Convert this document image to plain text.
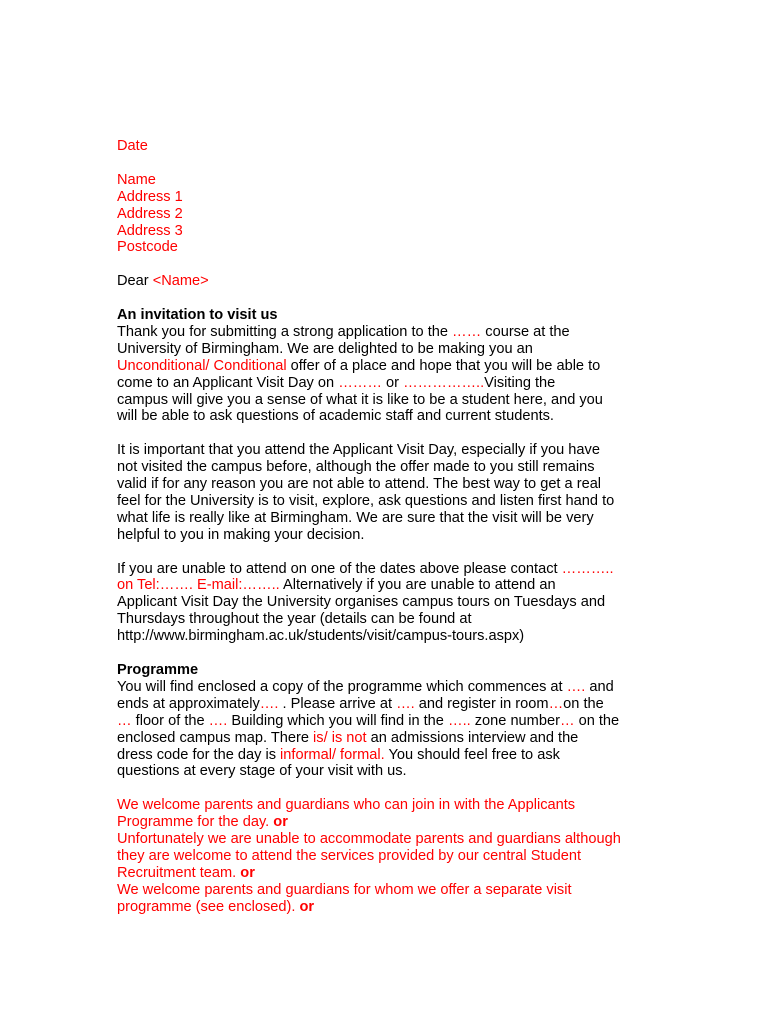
Date
Name
Address 1
Address 2
Address 3
Postcode
Dear <Name>
An invitation to visit us
Thank you for submitting a strong application to the …… course at the
University of Birmingham. We are delighted to be making you an
Unconditional/ Conditional offer of a place and hope that you will be able to
come to an Applicant Visit Day on ……… or ……………..Visiting the
campus will give you a sense of what it is like to be a student here, and you
will be able to ask questions of academic staff and current students.
It is important that you attend the Applicant Visit Day, especially if you have
not visited the campus before, although the offer made to you still remains
valid if for any reason you are not able to attend. The best way to get a real
feel for the University is to visit, explore, ask questions and listen first hand to
what life is really like at Birmingham. We are sure that the visit will be very
helpful to you in making your decision.
If you are unable to attend on one of the dates above please contact ………..
on Tel:……. E-mail:…….. Alternatively if you are unable to attend an
Applicant Visit Day the University organises campus tours on Tuesdays and
Thursdays throughout the year (details can be found at
http://www.birmingham.ac.uk/students/visit/campus-tours.aspx)
Programme
You will find enclosed a copy of the programme which commences at …. and
ends at approximately…. . Please arrive at …. and register in room…on the
… floor of the …. Building which you will find in the ….. zone number… on the
enclosed campus map. There is/ is not an admissions interview and the
dress code for the day is informal/ formal. You should feel free to ask
questions at every stage of your visit with us.
We welcome parents and guardians who can join in with the Applicants
Programme for the day. or
Unfortunately we are unable to accommodate parents and guardians although
they are welcome to attend the services provided by our central Student
Recruitment team. or
We welcome parents and guardians for whom we offer a separate visit
programme (see enclosed). or
